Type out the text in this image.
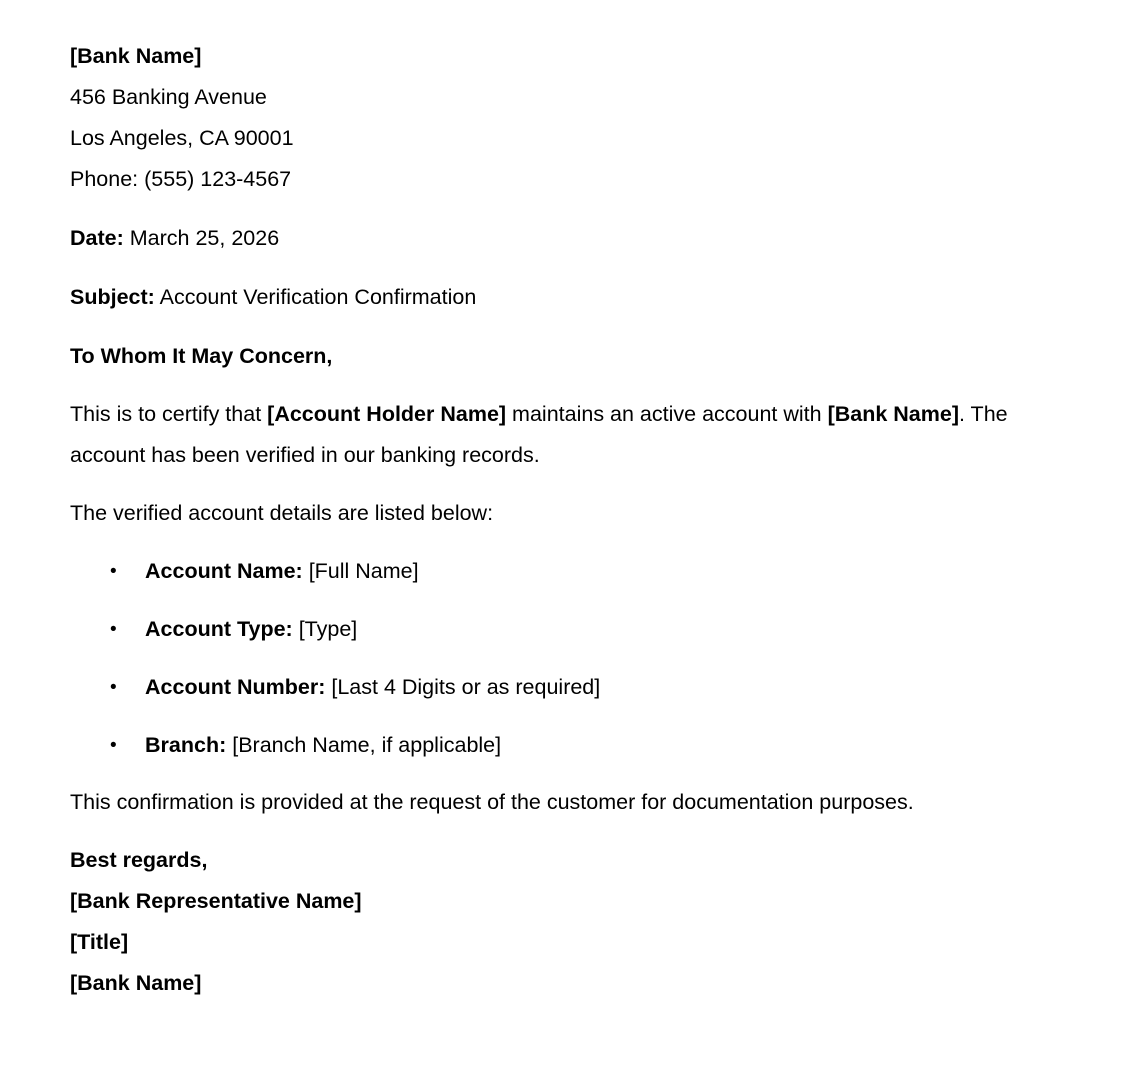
[Bank Name]
456 Banking Avenue
Los Angeles, CA 90001
Phone: (555) 123-4567
Date: March 25, 2026
Subject: Account Verification Confirmation
To Whom It May Concern,

This is to certify that [Account Holder Name] maintains an active account with [Bank Name]. The account has been verified in our banking records.

The verified account details are listed below:

• Account Name: [Full Name]
• Account Type: [Type]
• Account Number: [Last 4 Digits or as required]
• Branch: [Branch Name, if applicable]

This confirmation is provided at the request of the customer for documentation purposes.

Best regards,
[Bank Representative Name]
[Title]
[Bank Name]
